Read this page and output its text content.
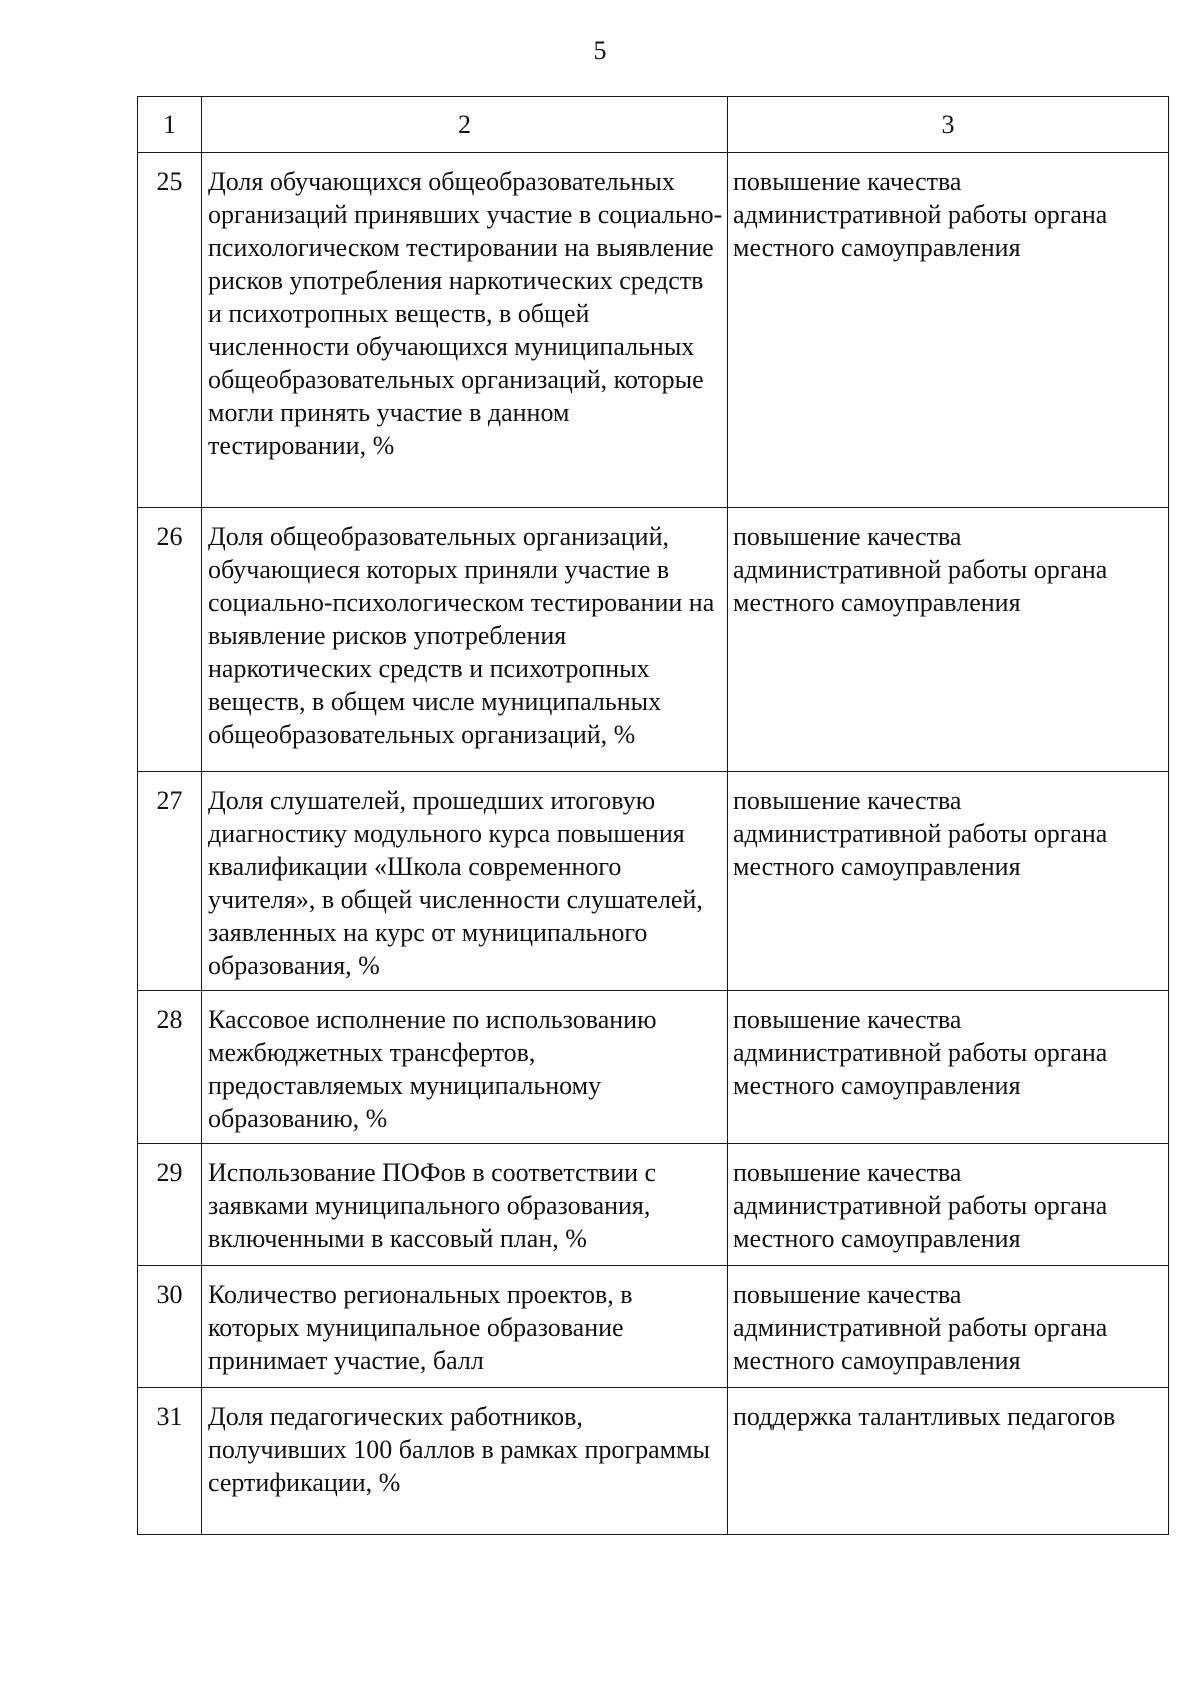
5
1	2	3
25	Доля обучающихся общеобразовательных организаций принявших участие в социально-психологическом тестировании на выявление рисков употребления наркотических средств и психотропных веществ, в общей численности обучающихся муниципальных общеобразовательных организаций, которые могли принять участие в данном тестировании, %	повышение качества административной работы органа местного самоуправления
26	Доля общеобразовательных организаций, обучающиеся которых приняли участие в социально-психологическом тестировании на выявление рисков употребления наркотических средств и психотропных веществ, в общем числе муниципальных общеобразовательных организаций, %	повышение качества административной работы органа местного самоуправления
27	Доля слушателей, прошедших итоговую диагностику модульного курса повышения квалификации «Школа современного учителя», в общей численности слушателей, заявленных на курс от муниципального образования, %	повышение качества административной работы органа местного самоуправления
28	Кассовое исполнение по использованию межбюджетных трансфертов, предоставляемых муниципальному образованию, %	повышение качества административной работы органа местного самоуправления
29	Использование ПОФов в соответствии с заявками муниципального образования, включенными в кассовый план, %	повышение качества административной работы органа местного самоуправления
30	Количество региональных проектов, в которых муниципальное образование принимает участие, балл	повышение качества административной работы органа местного самоуправления
31	Доля педагогических работников, получивших 100 баллов в рамках программы сертификации, %	поддержка талантливых педагогов
